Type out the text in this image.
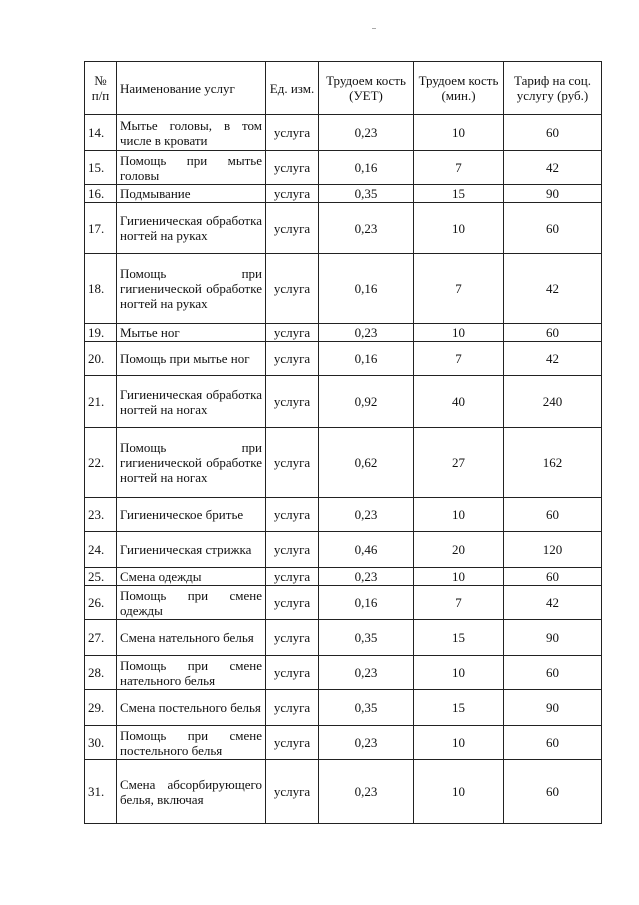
№ п/п	Наименование услуг	Ед. изм.	Трудоем кость (УЕТ)	Трудоем кость (мин.)	Тариф на соц. услугу (руб.)
14.	Мытье головы, в том числе в кровати	услуга	0,23	10	60
15.	Помощь при мытье головы	услуга	0,16	7	42
16.	Подмывание	услуга	0,35	15	90
17.	Гигиеническая обработка ногтей на руках	услуга	0,23	10	60
18.	Помощь при гигиенической обработке ногтей на руках	услуга	0,16	7	42
19.	Мытье ног	услуга	0,23	10	60
20.	Помощь при мытье ног	услуга	0,16	7	42
21.	Гигиеническая обработка ногтей на ногах	услуга	0,92	40	240
22.	Помощь при гигиенической обработке ногтей на ногах	услуга	0,62	27	162
23.	Гигиеническое бритье	услуга	0,23	10	60
24.	Гигиеническая стрижка	услуга	0,46	20	120
25.	Смена одежды	услуга	0,23	10	60
26.	Помощь при смене одежды	услуга	0,16	7	42
27.	Смена нательного белья	услуга	0,35	15	90
28.	Помощь при смене нательного белья	услуга	0,23	10	60
29.	Смена постельного белья	услуга	0,35	15	90
30.	Помощь при смене постельного белья	услуга	0,23	10	60
31.	Смена абсорбирующего белья, включая	услуга	0,23	10	60
